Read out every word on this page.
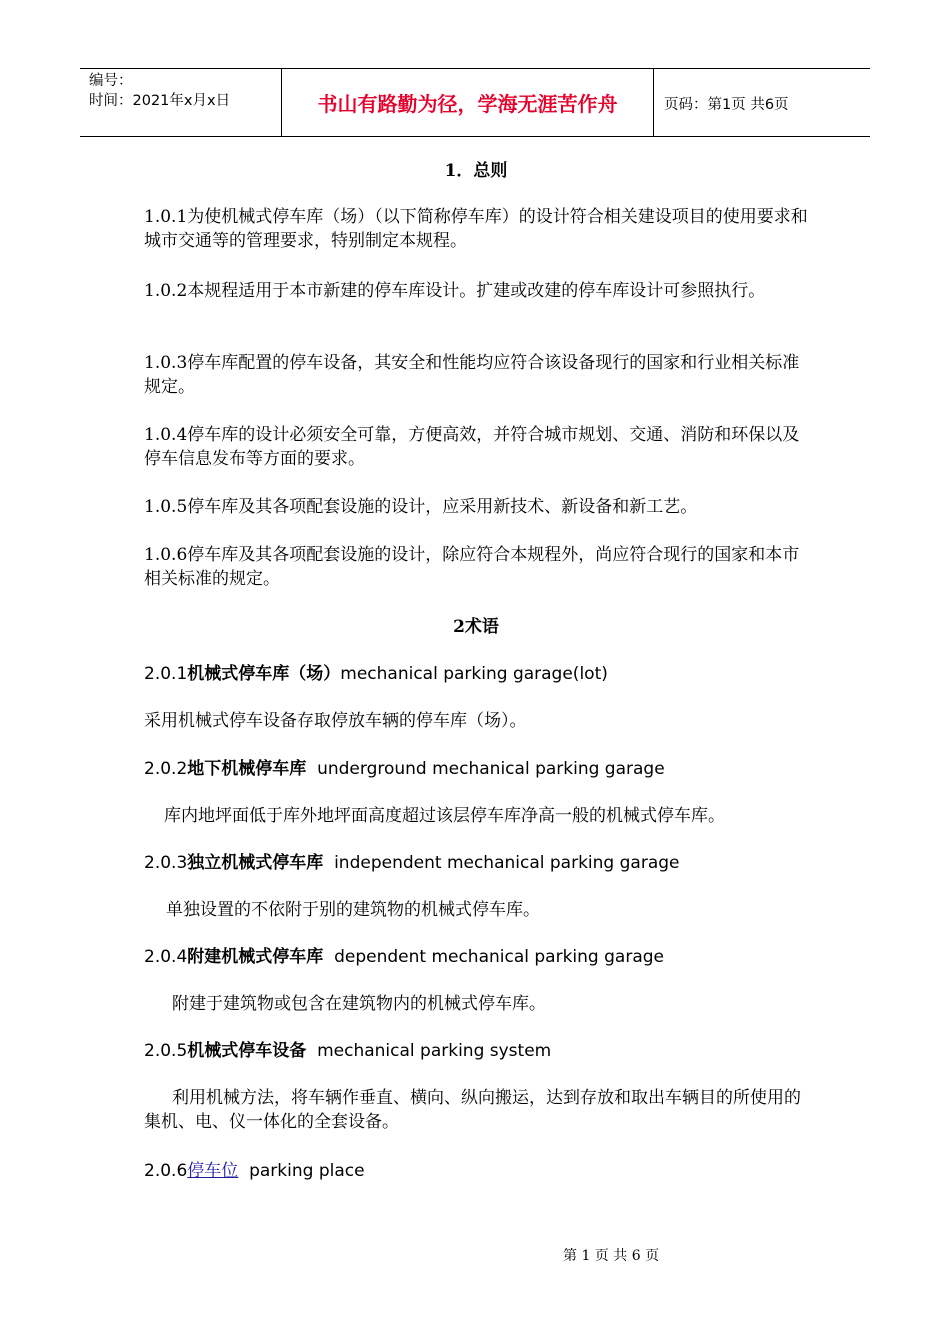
编号：
时间：2021年x月x日	书山有路勤为径，学海无涯苦作舟	页码：第1页 共6页
1．总则
1.0.1为使机械式停车库（场）（以下简称停车库）的设计符合相关建设项目的使用要求和城市交通等的管理要求，特别制定本规程。
1.0.2本规程适用于本市新建的停车库设计。扩建或改建的停车库设计可参照执行。
1.0.3停车库配置的停车设备，其安全和性能均应符合该设备现行的国家和行业相关标准规定。
1.0.4停车库的设计必须安全可靠，方便高效，并符合城市规划、交通、消防和环保以及停车信息发布等方面的要求。
1.0.5停车库及其各项配套设施的设计，应采用新技术、新设备和新工艺。
1.0.6停车库及其各项配套设施的设计，除应符合本规程外，尚应符合现行的国家和本市相关标准的规定。
2术语
2.0.1机械式停车库（场）mechanical parking garage(lot)
采用机械式停车设备存取停放车辆的停车库（场）。
2.0.2地下机械停车库 underground mechanical parking garage
库内地坪面低于库外地坪面高度超过该层停车库净高一般的机械式停车库。
2.0.3独立机械式停车库 independent mechanical parking garage
单独设置的不依附于别的建筑物的机械式停车库。
2.0.4附建机械式停车库 dependent mechanical parking garage
附建于建筑物或包含在建筑物内的机械式停车库。
2.0.5机械式停车设备 mechanical parking system
利用机械方法，将车辆作垂直、横向、纵向搬运，达到存放和取出车辆目的所使用的集机、电、仪一体化的全套设备。
2.0.6停车位 parking place
第 1 页 共 6 页
